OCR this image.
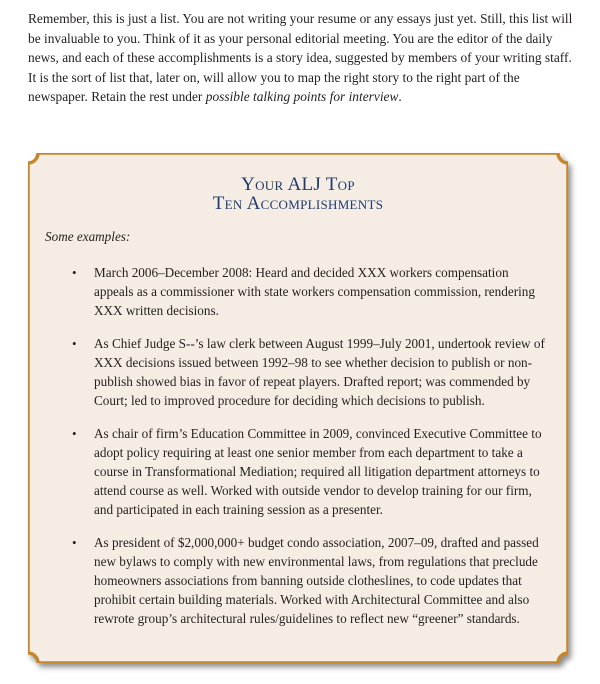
Remember, this is just a list. You are not writing your resume or any essays just yet. Still, this list will be invaluable to you. Think of it as your personal editorial meeting. You are the editor of the daily news, and each of these accomplishments is a story idea, suggested by members of your writing staff. It is the sort of list that, later on, will allow you to map the right story to the right part of the newspaper. Retain the rest under possible talking points for interview.

Your ALJ Top
Ten Accomplishments
Some examples:
• March 2006–December 2008: Heard and decided XXX workers compensation appeals as a commissioner with state workers compensation commission, rendering XXX written decisions.
• As Chief Judge S--’s law clerk between August 1999–July 2001, undertook review of XXX decisions issued between 1992–98 to see whether decision to publish or non-publish showed bias in favor of repeat players. Drafted report; was commended by Court; led to improved procedure for deciding which decisions to publish.
• As chair of firm’s Education Committee in 2009, convinced Executive Committee to adopt policy requiring at least one senior member from each department to take a course in Transformational Mediation; required all litigation department attorneys to attend course as well. Worked with outside vendor to develop training for our firm, and participated in each training session as a presenter.
• As president of $2,000,000+ budget condo association, 2007–09, drafted and passed new bylaws to comply with new environmental laws, from regulations that preclude homeowners associations from banning outside clotheslines, to code updates that prohibit certain building materials. Worked with Architectural Committee and also rewrote group’s architectural rules/guidelines to reflect new “greener” standards.
